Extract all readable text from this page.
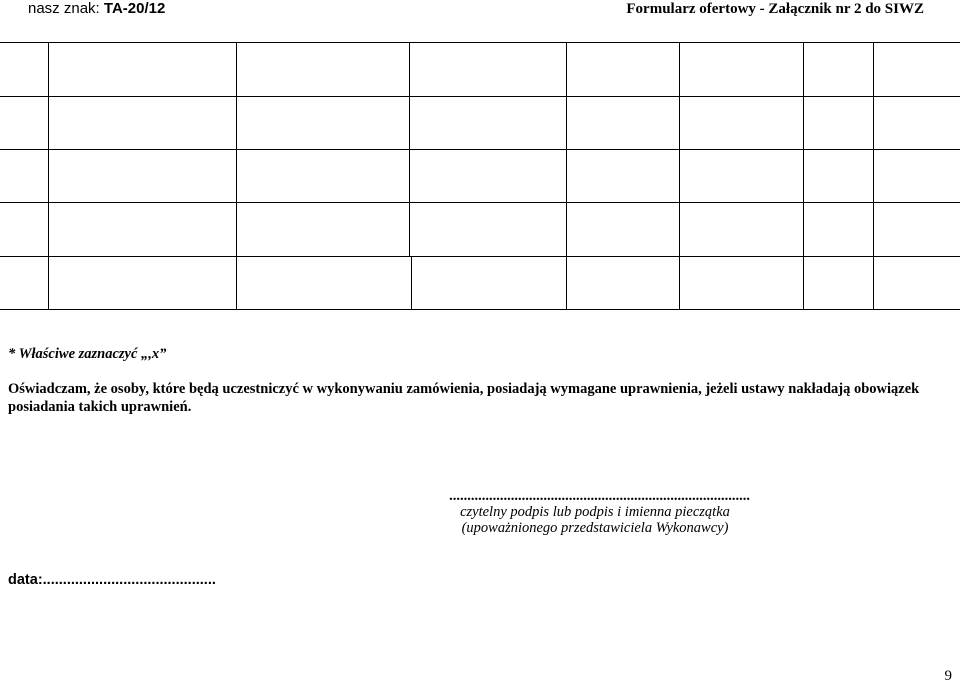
nasz znak: TA-20/12	Formularz ofertowy - Załącznik nr 2 do SIWZ
* Właściwe zaznaczyć „,x”
Oświadczam, że osoby, które będą uczestniczyć w wykonywaniu zamówienia, posiadają wymagane uprawnienia, jeżeli ustawy nakładają obowiązek posiadania takich uprawnień.
...................................................................................
czytelny podpis lub podpis i imienna pieczątka
(upoważnionego przedstawiciela Wykonawcy)
data:...........................................
9
